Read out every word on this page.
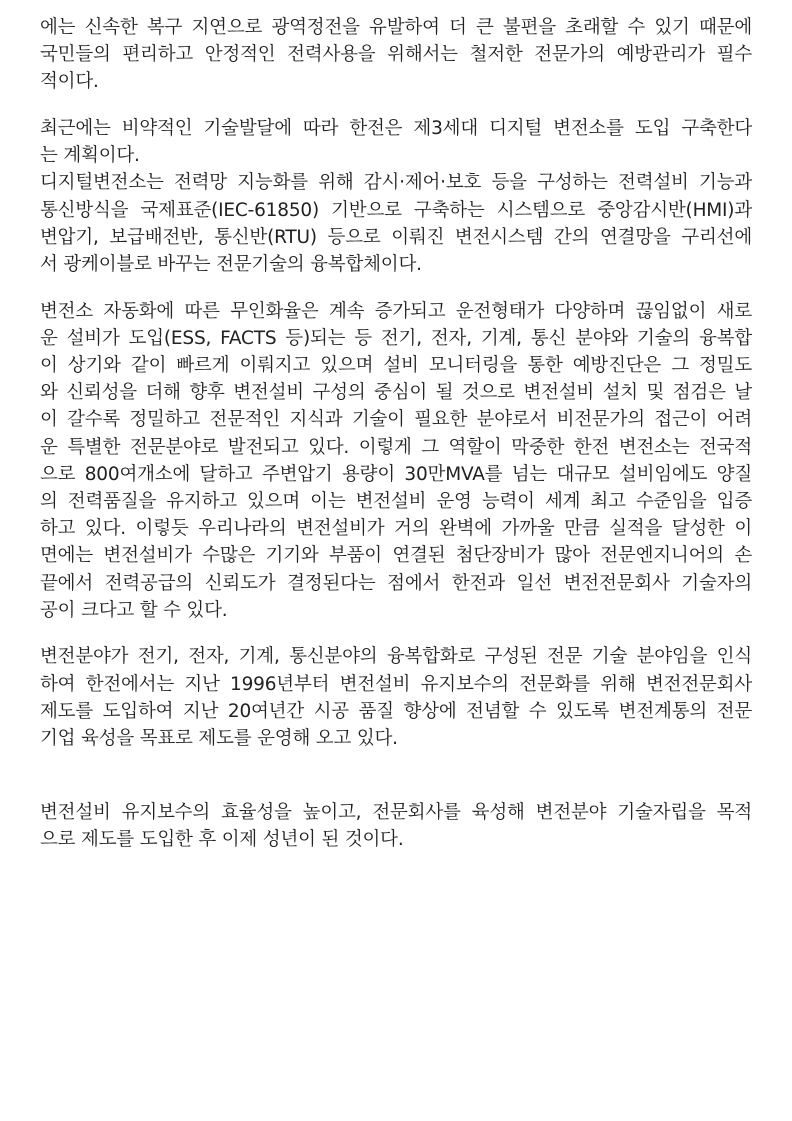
에는 신속한 복구 지연으로 광역정전을 유발하여 더 큰 불편을 초래할 수 있기 때문에
국민들의 편리하고 안정적인 전력사용을 위해서는 철저한 전문가의 예방관리가 필수
적이다.
최근에는 비약적인 기술발달에 따라 한전은 제3세대 디지털 변전소를 도입 구축한다
는 계획이다.
디지털변전소는 전력망 지능화를 위해 감시·제어·보호 등을 구성하는 전력설비 기능과
통신방식을 국제표준(IEC-61850) 기반으로 구축하는 시스템으로 중앙감시반(HMI)과
변압기, 보급배전반, 통신반(RTU) 등으로 이뤄진 변전시스템 간의 연결망을 구리선에
서 광케이블로 바꾸는 전문기술의 융복합체이다.
변전소 자동화에 따른 무인화율은 계속 증가되고 운전형태가 다양하며 끊임없이 새로
운 설비가 도입(ESS, FACTS 등)되는 등 전기, 전자, 기계, 통신 분야와 기술의 융복합
이 상기와 같이 빠르게 이뤄지고 있으며 설비 모니터링을 통한 예방진단은 그 정밀도
와 신뢰성을 더해 향후 변전설비 구성의 중심이 될 것으로 변전설비 설치 및 점검은 날
이 갈수록 정밀하고 전문적인 지식과 기술이 필요한 분야로서 비전문가의 접근이 어려
운 특별한 전문분야로 발전되고 있다. 이렇게 그 역할이 막중한 한전 변전소는 전국적
으로 800여개소에 달하고 주변압기 용량이 30만MVA를 넘는 대규모 설비임에도 양질
의 전력품질을 유지하고 있으며 이는 변전설비 운영 능력이 세계 최고 수준임을 입증
하고 있다. 이렇듯 우리나라의 변전설비가 거의 완벽에 가까울 만큼 실적을 달성한 이
면에는 변전설비가 수많은 기기와 부품이 연결된 첨단장비가 많아 전문엔지니어의 손
끝에서 전력공급의 신뢰도가 결정된다는 점에서 한전과 일선 변전전문회사 기술자의
공이 크다고 할 수 있다.
변전분야가 전기, 전자, 기계, 통신분야의 융복합화로 구성된 전문 기술 분야임을 인식
하여 한전에서는 지난 1996년부터 변전설비 유지보수의 전문화를 위해 변전전문회사
제도를 도입하여 지난 20여년간 시공 품질 향상에 전념할 수 있도록 변전계통의 전문
기업 육성을 목표로 제도를 운영해 오고 있다.
변전설비 유지보수의 효율성을 높이고, 전문회사를 육성해 변전분야 기술자립을 목적
으로 제도를 도입한 후 이제 성년이 된 것이다.
